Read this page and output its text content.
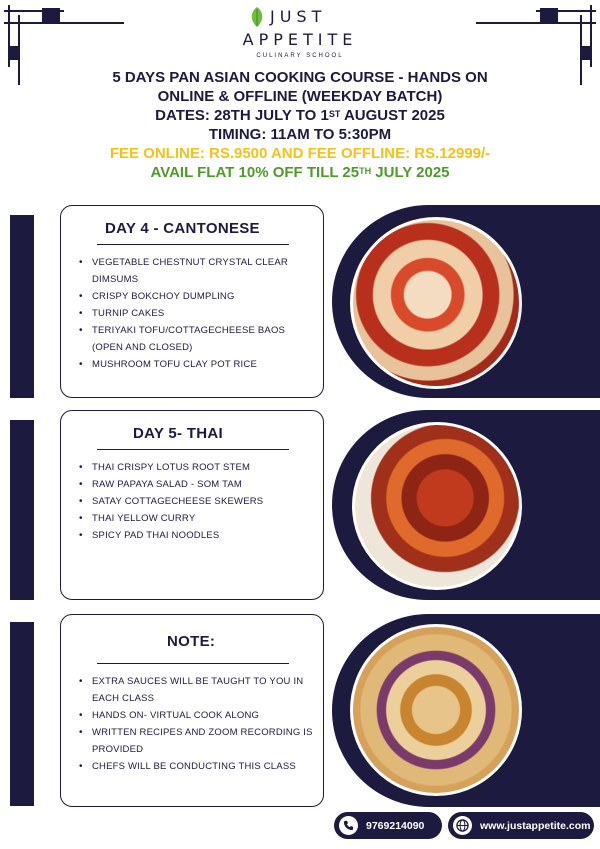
JUST
APPETITE
CULINARY SCHOOL
5 DAYS PAN ASIAN COOKING COURSE - HANDS ON
ONLINE & OFFLINE (WEEKDAY BATCH)
DATES: 28TH JULY TO 1ST AUGUST 2025
TIMING: 11AM TO 5:30PM
FEE ONLINE: RS.9500 AND FEE OFFLINE: RS.12999/-
AVAIL FLAT 10% OFF TILL 25TH JULY 2025
DAY 4 - CANTONESE
• VEGETABLE CHESTNUT CRYSTAL CLEAR DIMSUMS
• CRISPY BOKCHOY DUMPLING
• TURNIP CAKES
• TERIYAKI TOFU/COTTAGECHEESE BAOS (OPEN AND CLOSED)
• MUSHROOM TOFU CLAY POT RICE
DAY 5- THAI
• THAI CRISPY LOTUS ROOT STEM
• RAW PAPAYA SALAD - SOM TAM
• SATAY COTTAGECHEESE SKEWERS
• THAI YELLOW CURRY
• SPICY PAD THAI NOODLES
NOTE:
• EXTRA SAUCES WILL BE TAUGHT TO YOU IN EACH CLASS
• HANDS ON- VIRTUAL COOK ALONG
• WRITTEN RECIPES AND ZOOM RECORDING IS PROVIDED
• CHEFS WILL BE CONDUCTING THIS CLASS
9769214090	www.justappetite.com
